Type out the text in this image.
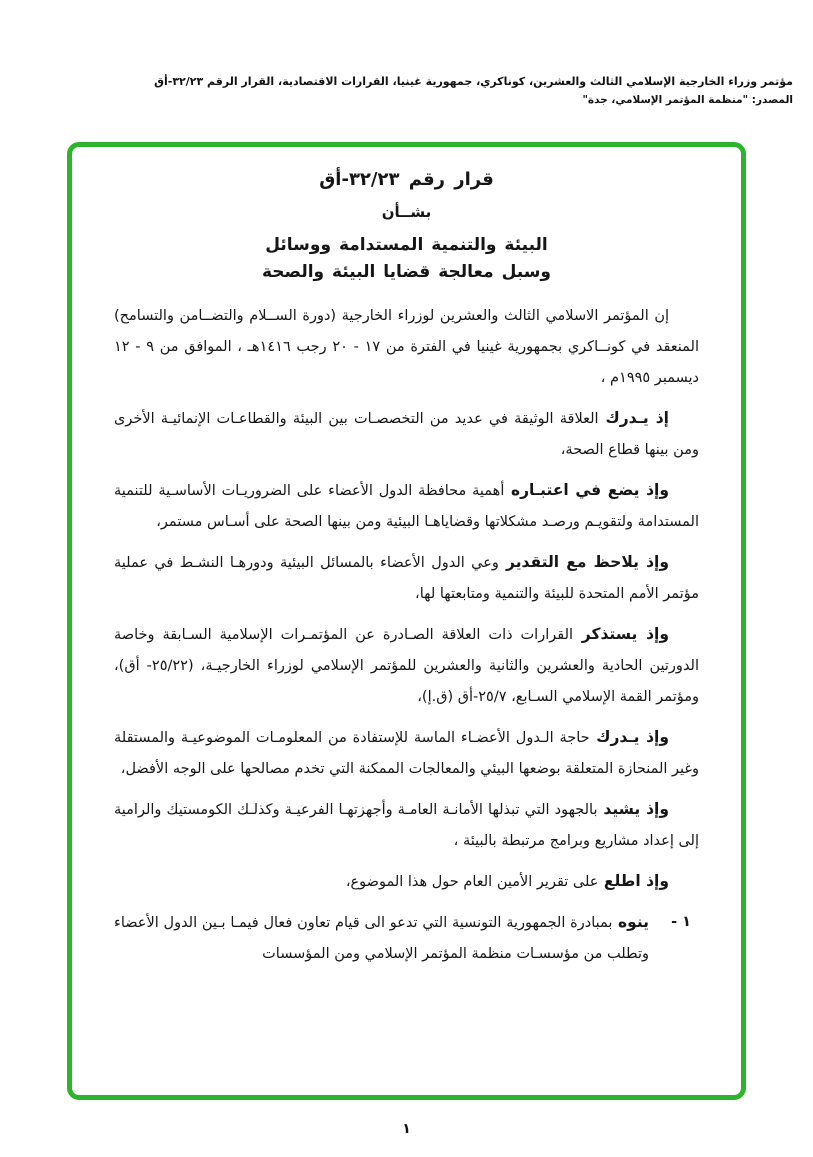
مؤتمر وزراء الخارجية الإسلامي الثالث والعشرين، كوناكري، جمهورية غينيا، القرارات الاقتصادية، القرار الرقم ٣٢/٢٣-أق
المصدر: "منظمة المؤتمر الإسلامي، جدة"
قرار رقم ٣٢/٢٣-أق
بشــأن
البيئة والتنمية المستدامة ووسائل
وسبل معالجة قضايا البيئة والصحة

إن المؤتمر الاسلامي الثالث والعشرين لوزراء الخارجية (دورة الســلام والتضــامن والتسامح) المنعقد في كونــاكري بجمهورية غينيا في الفترة من ١٧ - ٢٠ رجب ١٤١٦هـ ، الموافق من ٩ - ١٢ ديسمبر ١٩٩٥م ،

إذ يـدرك العلاقة الوثيقة في عديد من التخصصـات بين البيئة والقطاعـات الإنمائيـة الأخرى ومن بينها قطاع الصحة،

وإذ يضع في اعتبـاره أهمية محافظة الدول الأعضاء على الضروريـات الأساسـية للتنمية المستدامة ولتقويـم ورصـد مشكلاتها وقضاياهـا البيئية ومن بينها الصحة على أسـاس مستمر،

وإذ يلاحظ مع التقدير وعي الدول الأعضاء بالمسائل البيئية ودورهـا النشـط في عملية مؤتمر الأمم المتحدة للبيئة والتنمية ومتابعتها لها،

وإذ يستذكر القرارات ذات العلاقة الصـادرة عن المؤتمـرات الإسلامية السـابقة وخاصة الدورتين الحادية والعشرين والثانية والعشرين للمؤتمر الإسلامي لوزراء الخارجيـة، (٢٥/٢٢- أق)، ومؤتمر القمة الإسلامي السـابع، ٢٥/٧-أق (ق.إ)،

وإذ يـدرك حاجة الـدول الأعضـاء الماسة للإستفادة من المعلومـات الموضوعيـة والمستقلة وغير المنحازة المتعلقة بوضعها البيئي والمعالجات الممكنة التي تخدم مصالحها على الوجه الأفضل،

وإذ يشيد بالجهود التي تبذلها الأمانـة العامـة وأجهزتهـا الفرعيـة وكذلـك الكومستيك والرامية إلى إعداد مشاريع وبرامج مرتبطة بالبيئة ،

وإذ اطلع على تقرير الأمين العام حول هذا الموضوع،

١ -
ينوه بمبادرة الجمهورية التونسية التي تدعو الى قيام تعاون فعال فيمـا بـين الدول الأعضاء وتطلب من مؤسسـات منظمة المؤتمر الإسلامي ومن المؤسسات
١
